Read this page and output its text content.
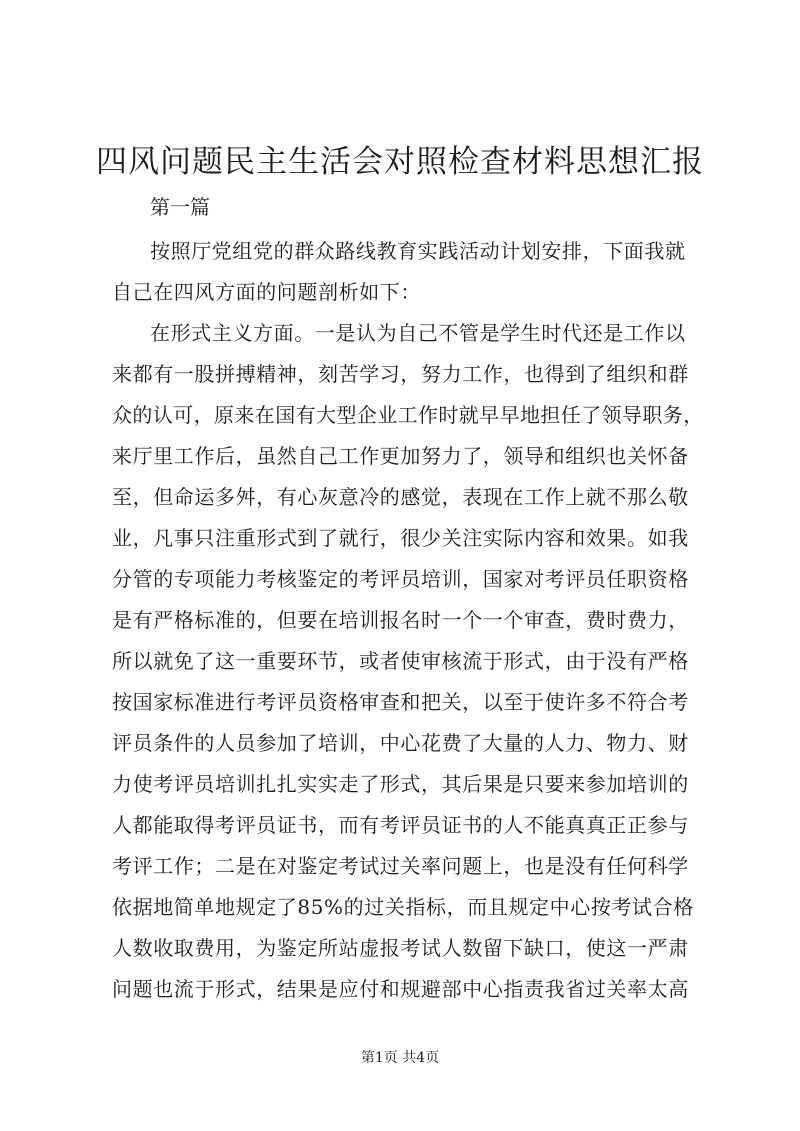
四风问题民主生活会对照检查材料思想汇报

第一篇

按照厅党组党的群众路线教育实践活动计划安排，下面我就

自己在四风方面的问题剖析如下：

在形式主义方面。一是认为自己不管是学生时代还是工作以

来都有一股拼搏精神，刻苦学习，努力工作，也得到了组织和群

众的认可，原来在国有大型企业工作时就早早地担任了领导职务，

来厅里工作后，虽然自己工作更加努力了，领导和组织也关怀备

至，但命运多舛，有心灰意冷的感觉，表现在工作上就不那么敬

业，凡事只注重形式到了就行，很少关注实际内容和效果。如我

分管的专项能力考核鉴定的考评员培训，国家对考评员任职资格

是有严格标准的，但要在培训报名时一个一个审查，费时费力，

所以就免了这一重要环节，或者使审核流于形式，由于没有严格

按国家标准进行考评员资格审查和把关，以至于使许多不符合考

评员条件的人员参加了培训，中心花费了大量的人力、物力、财

力使考评员培训扎扎实实走了形式，其后果是只要来参加培训的

人都能取得考评员证书，而有考评员证书的人不能真真正正参与

考评工作；二是在对鉴定考试过关率问题上，也是没有任何科学

依据地简单地规定了85%的过关指标，而且规定中心按考试合格

人数收取费用，为鉴定所站虚报考试人数留下缺口，使这一严肃

问题也流于形式，结果是应付和规避部中心指责我省过关率太高

第1页 共4页
